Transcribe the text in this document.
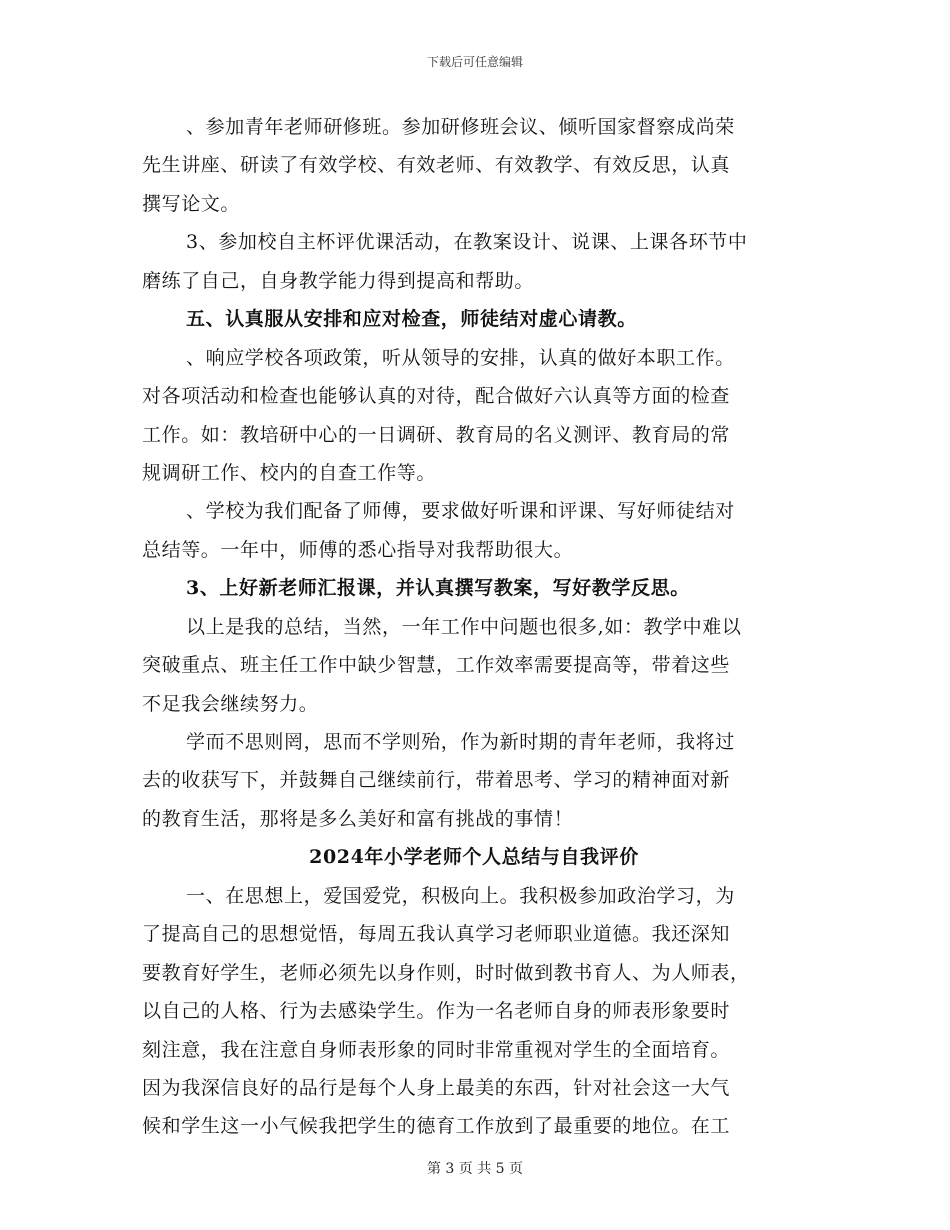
下载后可任意编辑
、参加青年老师研修班。参加研修班会议、倾听国家督察成尚荣
先生讲座、研读了有效学校、有效老师、有效教学、有效反思，认真
撰写论文。
3、参加校自主杯评优课活动，在教案设计、说课、上课各环节中
磨练了自己，自身教学能力得到提高和帮助。
五、认真服从安排和应对检查，师徒结对虚心请教。
、响应学校各项政策，听从领导的安排，认真的做好本职工作。
对各项活动和检查也能够认真的对待，配合做好六认真等方面的检查
工作。如：教培研中心的一日调研、教育局的名义测评、教育局的常
规调研工作、校内的自查工作等。
、学校为我们配备了师傅，要求做好听课和评课、写好师徒结对
总结等。一年中，师傅的悉心指导对我帮助很大。
3、上好新老师汇报课，并认真撰写教案，写好教学反思。
以上是我的总结，当然，一年工作中问题也很多,如：教学中难以
突破重点、班主任工作中缺少智慧，工作效率需要提高等，带着这些
不足我会继续努力。
学而不思则罔，思而不学则殆，作为新时期的青年老师，我将过
去的收获写下，并鼓舞自己继续前行，带着思考、学习的精神面对新
的教育生活，那将是多么美好和富有挑战的事情！
2024年小学老师个人总结与自我评价
一、在思想上，爱国爱党，积极向上。我积极参加政治学习，为
了提高自己的思想觉悟，每周五我认真学习老师职业道德。我还深知
要教育好学生，老师必须先以身作则，时时做到教书育人、为人师表，
以自己的人格、行为去感染学生。作为一名老师自身的师表形象要时
刻注意，我在注意自身师表形象的同时非常重视对学生的全面培育。
因为我深信良好的品行是每个人身上最美的东西，针对社会这一大气
候和学生这一小气候我把学生的德育工作放到了最重要的地位。在工
第 3 页 共 5 页
